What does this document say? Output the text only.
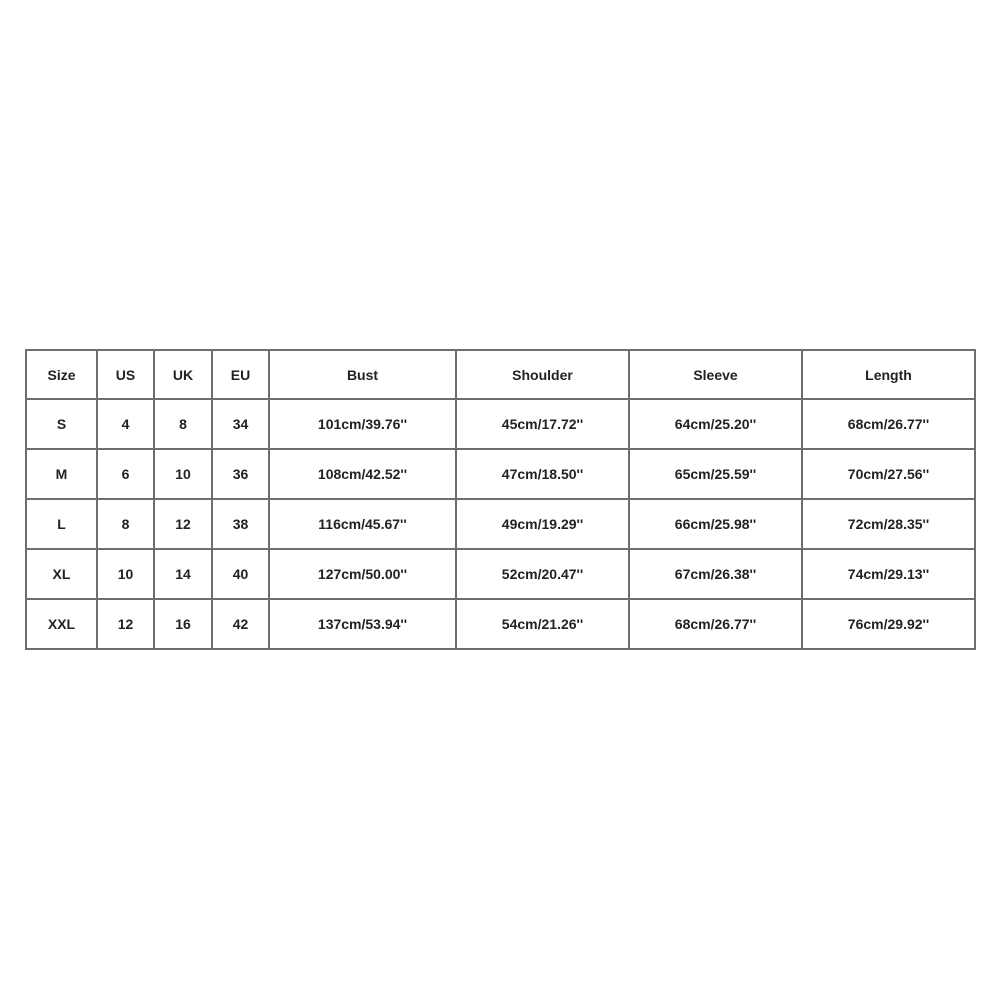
Size	US	UK	EU	Bust	Shoulder	Sleeve	Length
S	4	8	34	101cm/39.76''	45cm/17.72''	64cm/25.20''	68cm/26.77''
M	6	10	36	108cm/42.52''	47cm/18.50''	65cm/25.59''	70cm/27.56''
L	8	12	38	116cm/45.67''	49cm/19.29''	66cm/25.98''	72cm/28.35''
XL	10	14	40	127cm/50.00''	52cm/20.47''	67cm/26.38''	74cm/29.13''
XXL	12	16	42	137cm/53.94''	54cm/21.26''	68cm/26.77''	76cm/29.92''
